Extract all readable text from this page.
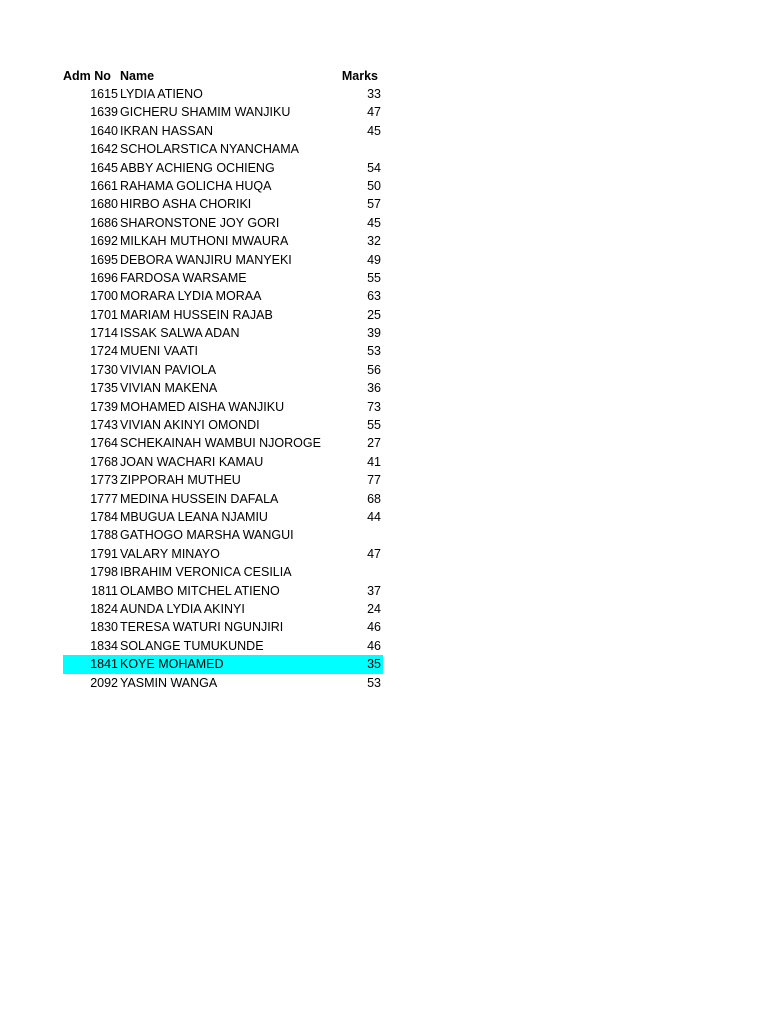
Adm No Name	Marks
1615 LYDIA ATIENO	33
1639 GICHERU SHAMIM WANJIKU	47
1640 IKRAN HASSAN	45
1642 SCHOLARSTICA NYANCHAMA
1645 ABBY ACHIENG OCHIENG	54
1661 RAHAMA GOLICHA HUQA	50
1680 HIRBO ASHA CHORIKI	57
1686 SHARONSTONE JOY GORI	45
1692 MILKAH MUTHONI MWAURA	32
1695 DEBORA WANJIRU MANYEKI	49
1696 FARDOSA WARSAME	55
1700 MORARA LYDIA MORAA	63
1701 MARIAM HUSSEIN RAJAB	25
1714 ISSAK SALWA ADAN	39
1724 MUENI VAATI	53
1730 VIVIAN PAVIOLA	56
1735 VIVIAN MAKENA	36
1739 MOHAMED AISHA WANJIKU	73
1743 VIVIAN AKINYI OMONDI	55
1764 SCHEKAINAH WAMBUI NJOROGE	27
1768 JOAN WACHARI KAMAU	41
1773 ZIPPORAH MUTHEU	77
1777 MEDINA HUSSEIN DAFALA	68
1784 MBUGUA LEANA NJAMIU	44
1788 GATHOGO MARSHA WANGUI
1791 VALARY MINAYO	47
1798 IBRAHIM VERONICA CESILIA
1811 OLAMBO MITCHEL ATIENO	37
1824 AUNDA LYDIA AKINYI	24
1830 TERESA WATURI NGUNJIRI	46
1834 SOLANGE TUMUKUNDE	46
1841 KOYE MOHAMED	35
2092 YASMIN WANGA	53
